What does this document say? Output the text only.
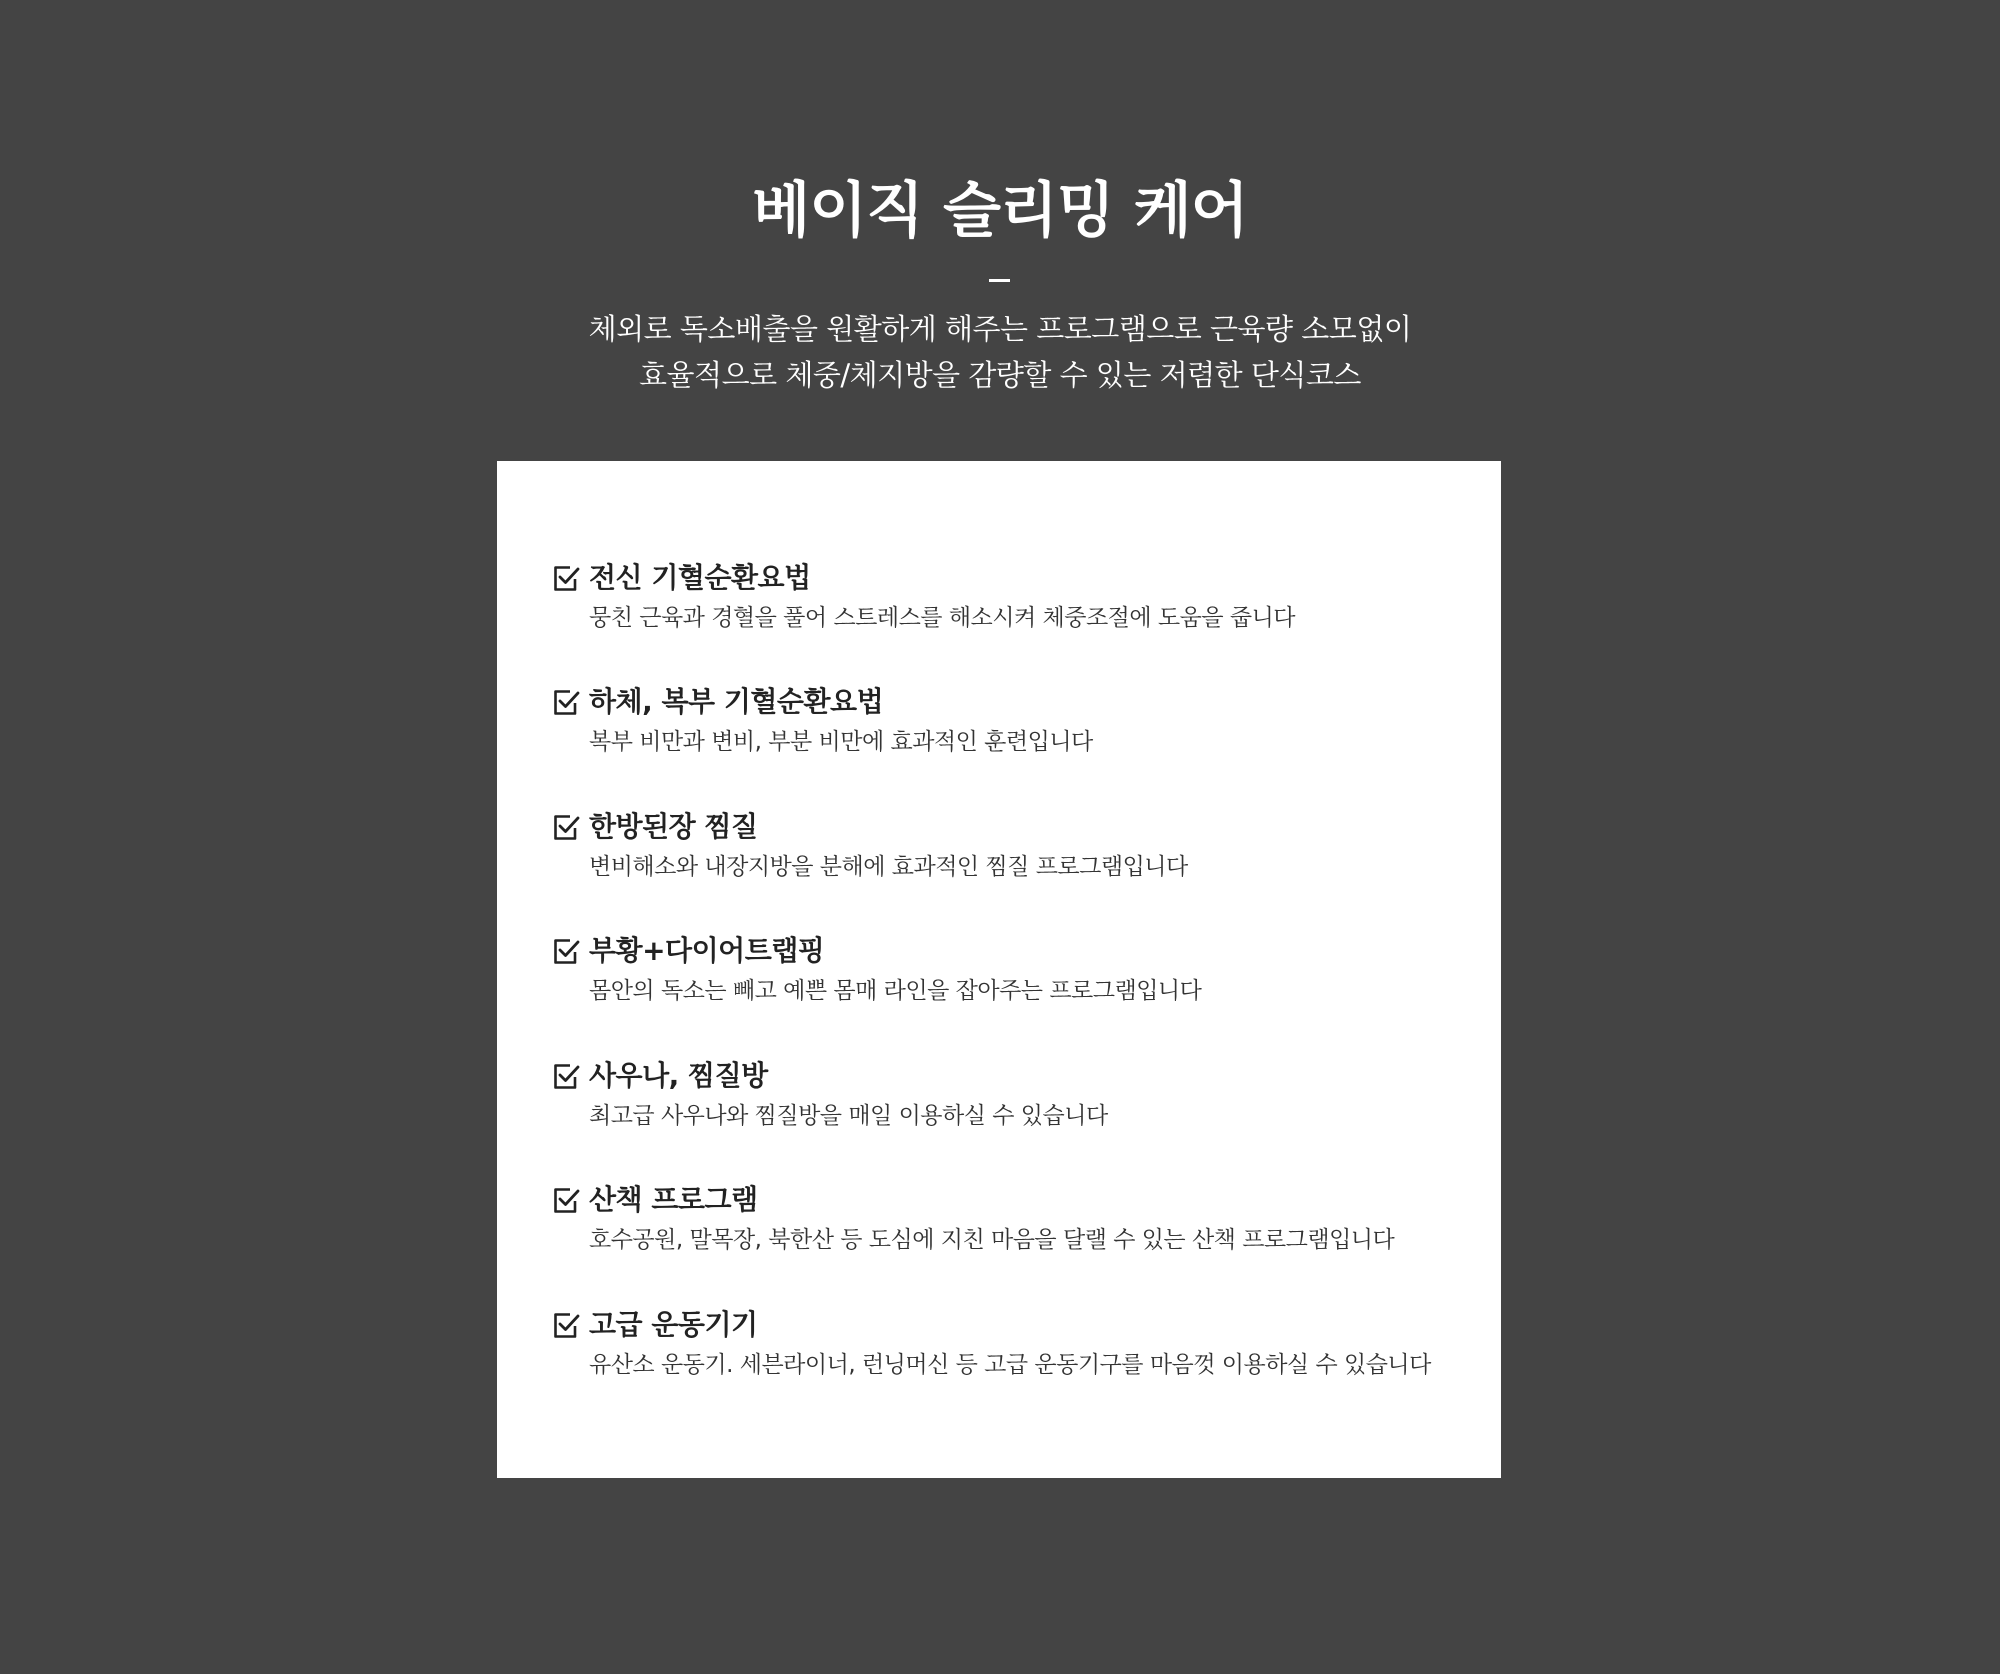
베이직 슬리밍 케어
체외로 독소배출을 원활하게 해주는 프로그램으로 근육량 소모없이
효율적으로 체중/체지방을 감량할 수 있는 저렴한 단식코스
전신 기혈순환요법
뭉친 근육과 경혈을 풀어 스트레스를 해소시켜 체중조절에 도움을 줍니다
하체, 복부 기혈순환요법
복부 비만과 변비, 부분 비만에 효과적인 훈련입니다
한방된장 찜질
변비해소와 내장지방을 분해에 효과적인 찜질 프로그램입니다
부황+다이어트랩핑
몸안의 독소는 빼고 예쁜 몸매 라인을 잡아주는 프로그램입니다
사우나, 찜질방
최고급 사우나와 찜질방을 매일 이용하실 수 있습니다
산책 프로그램
호수공원, 말목장, 북한산 등 도심에 지친 마음을 달랠 수 있는 산책 프로그램입니다
고급 운동기기
유산소 운동기. 세븐라이너, 런닝머신 등 고급 운동기구를 마음껏 이용하실 수 있습니다
